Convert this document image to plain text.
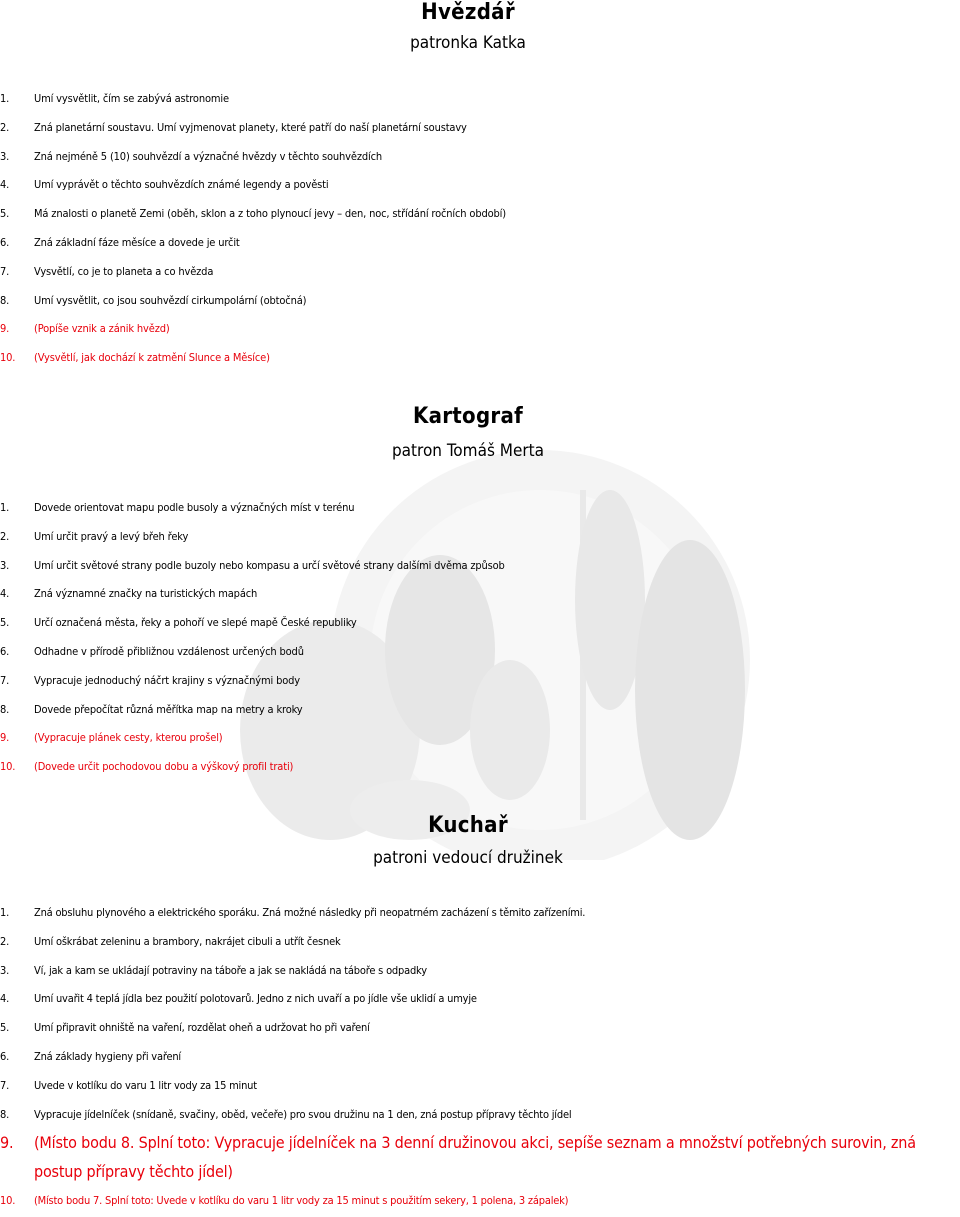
Hvězdář
patronka Katka
1. Umí vysvětlit, čím se zabývá astronomie
2. Zná planetární soustavu. Umí vyjmenovat planety, které patří do naší planetární soustavy
3. Zná nejméně 5 (10) souhvězdí a význačné hvězdy v těchto souhvězdích
4. Umí vyprávět o těchto souhvězdích známé legendy a pověsti
5. Má znalosti o planetě Zemi (oběh, sklon a z toho plynoucí jevy – den, noc, střídání ročních období)
6. Zná základní fáze měsíce a dovede je určit
7. Vysvětlí, co je to planeta a co hvězda
8. Umí vysvětlit, co jsou souhvězdí cirkumpolární (obtočná)
9. (Popíše vznik a zánik hvězd)
10. (Vysvětlí, jak dochází k zatmění Slunce a Měsíce)
Kartograf
patron Tomáš Merta
1. Dovede orientovat mapu podle busoly a význačných míst v terénu
2. Umí určit pravý a levý břeh řeky
3. Umí určit světové strany podle buzoly nebo kompasu a určí světové strany dalšími dvěma způsob
4. Zná významné značky na turistických mapách
5. Určí označená města, řeky a pohoří ve slepé mapě České republiky
6. Odhadne v přírodě přibližnou vzdálenost určených bodů
7. Vypracuje jednoduchý náčrt krajiny s význačnými body
8. Dovede přepočítat různá měřítka map na metry a kroky
9. (Vypracuje plánek cesty, kterou prošel)
10. (Dovede určit pochodovou dobu a výškový profil trati)
Kuchař
patroni vedoucí družinek
1. Zná obsluhu plynového a elektrického sporáku. Zná možné následky při neopatrném zacházení s těmito zařízeními.
2. Umí oškrábat zeleninu a brambory, nakrájet cibuli a utřít česnek
3. Ví, jak a kam se ukládají potraviny na táboře a jak se nakládá na táboře s odpadky
4. Umí uvařit 4 teplá jídla bez použití polotovarů. Jedno z nich uvaří a po jídle vše uklidí a umyje
5. Umí připravit ohniště na vaření, rozdělat oheň a udržovat ho při vaření
6. Zná základy hygieny při vaření
7. Uvede v kotlíku do varu 1 litr vody za 15 minut
8. Vypracuje jídelníček (snídaně, svačiny, oběd, večeře) pro svou družinu na 1 den, zná postup přípravy těchto jídel
9. (Místo bodu 8. Splní toto: Vypracuje jídelníček na 3 denní družinovou akci, sepíše seznam a množství potřebných surovin, zná postup přípravy těchto jídel)
10. (Místo bodu 7. Splní toto: Uvede v kotlíku do varu 1 litr vody za 15 minut s použitím sekery, 1 polena, 3 zápalek)
